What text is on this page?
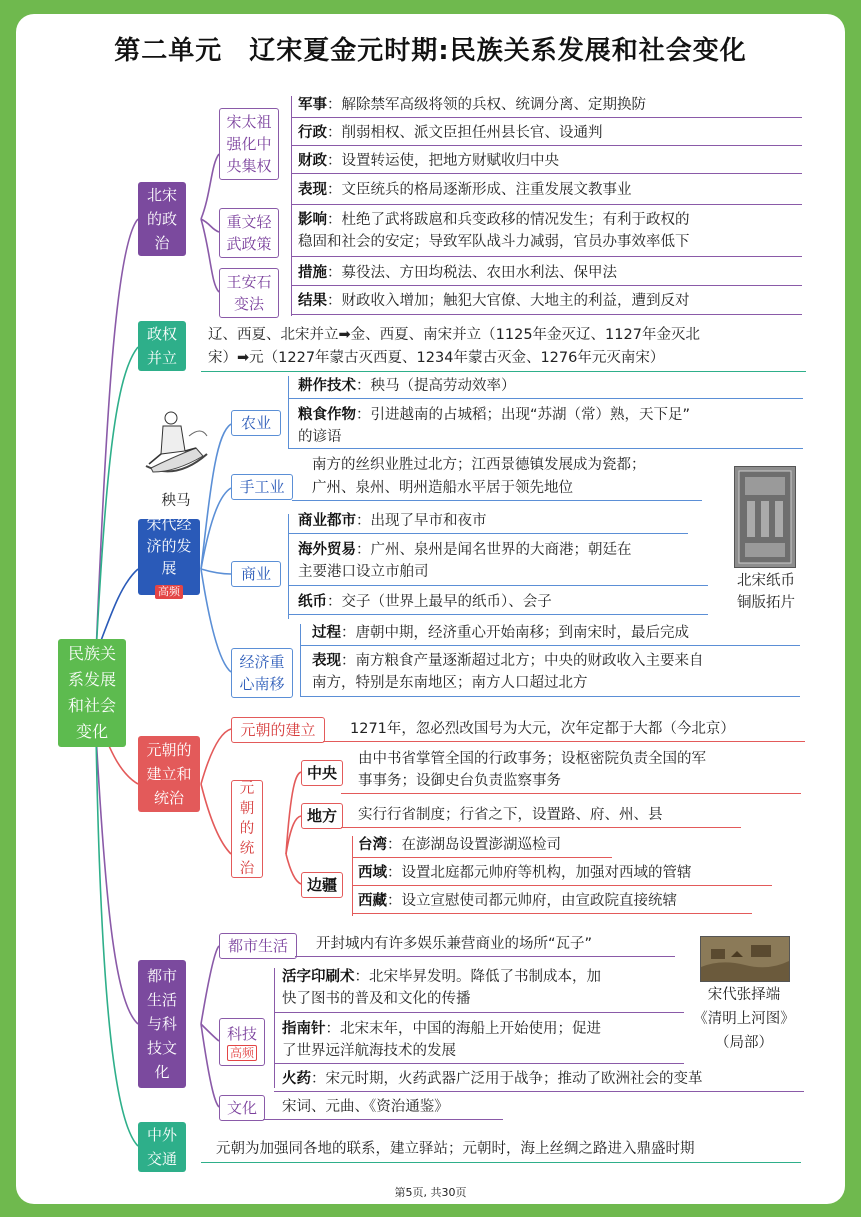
第二单元　辽宋夏金元时期:民族关系发展和社会变化
民族关系发展和社会变化
北宋的政治
宋太祖强化中央集权
军事：解除禁军高级将领的兵权、统调分离、定期换防
行政：削弱相权、派文臣担任州县长官、设通判
财政：设置转运使，把地方财赋收归中央
重文轻武政策
表现：文臣统兵的格局逐渐形成、注重发展文教事业
影响：杜绝了武将跋扈和兵变政移的情况发生；有利于政权的
稳固和社会的安定；导致军队战斗力减弱，官员办事效率低下
王安石变法
措施：募役法、方田均税法、农田水利法、保甲法
结果：财政收入增加；触犯大官僚、大地主的利益，遭到反对
政权并立
辽、西夏、北宋并立➡金、西夏、南宋并立（1125年金灭辽、1127年金灭北
宋）➡元（1227年蒙古灭西夏、1234年蒙古灭金、1276年元灭南宋）
秧马
宋代经济的发展
高频
农业
耕作技术：秧马（提高劳动效率）
粮食作物：引进越南的占城稻；出现“苏湖（常）熟，天下足”
的谚语
手工业
南方的丝织业胜过北方；江西景德镇发展成为瓷都；
广州、泉州、明州造船水平居于领先地位
北宋纸币
铜版拓片
商业
商业都市：出现了早市和夜市
海外贸易：广州、泉州是闻名世界的大商港；朝廷在
主要港口设立市舶司
纸币：交子（世界上最早的纸币）、会子
经济重心南移
过程：唐朝中期，经济重心开始南移；到南宋时，最后完成
表现：南方粮食产量逐渐超过北方；中央的财政收入主要来自
南方，特别是东南地区；南方人口超过北方
元朝的建立和统治
元朝的建立 1271年，忽必烈改国号为大元，次年定都于大都（今北京）
元朝的统治
中央
由中书省掌管全国的行政事务；设枢密院负责全国的军
事事务；设御史台负责监察事务
地方 实行行省制度；行省之下，设置路、府、州、县
边疆
台湾：在澎湖岛设置澎湖巡检司
西域：设置北庭都元帅府等机构，加强对西域的管辖
西藏：设立宣慰使司都元帅府，由宣政院直接统辖
都市生活与科技文化
都市生活 开封城内有许多娱乐兼营商业的场所“瓦子”
宋代张择端
《清明上河图》
（局部）
科技
高频
活字印刷术：北宋毕昇发明。降低了书制成本，加
快了图书的普及和文化的传播
指南针：北宋末年，中国的海船上开始使用；促进
了世界远洋航海技术的发展
火药：宋元时期，火药武器广泛用于战争；推动了欧洲社会的变革
文化 宋词、元曲、《资治通鉴》
中外交通
元朝为加强同各地的联系，建立驿站；元朝时，海上丝绸之路进入鼎盛时期
第5页, 共30页
